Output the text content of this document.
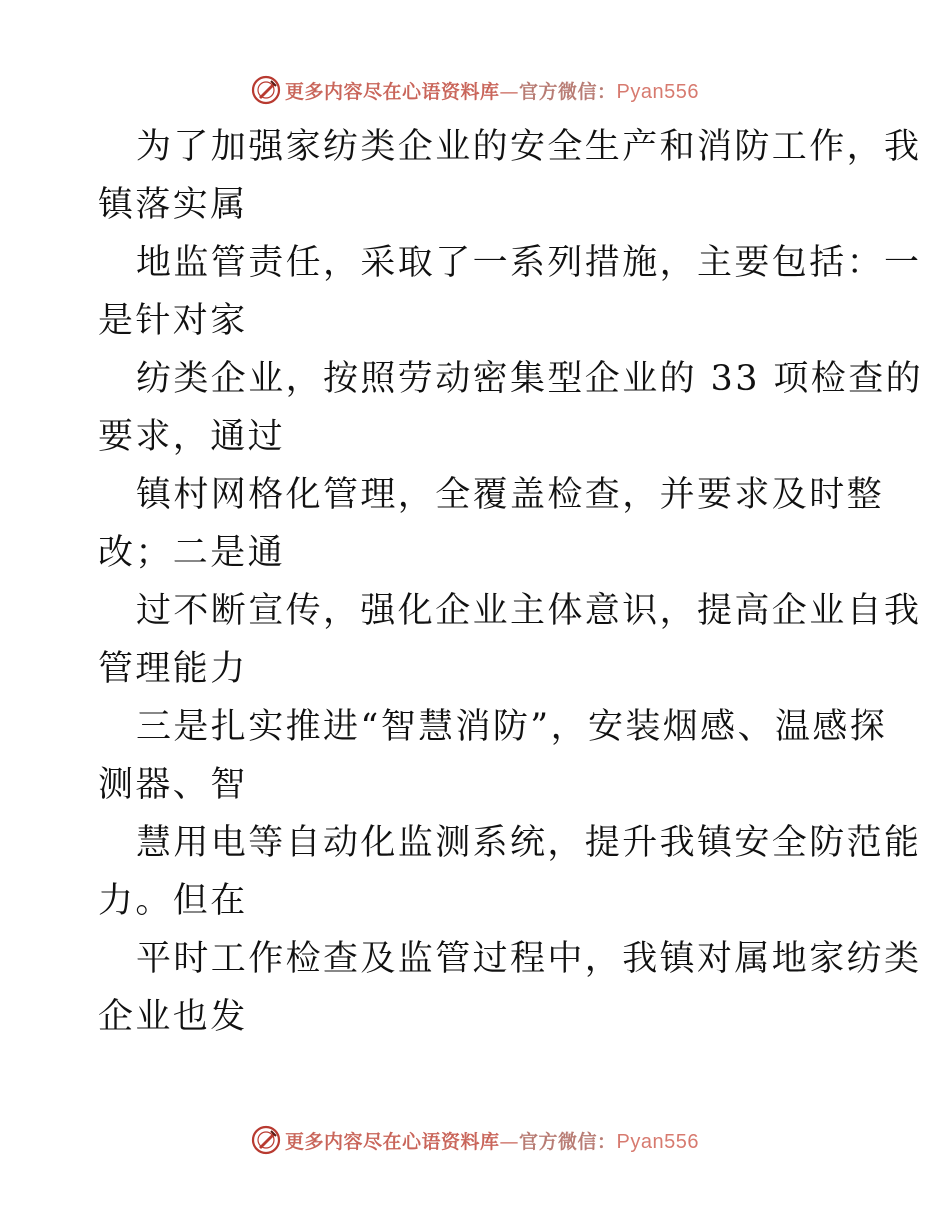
更多内容尽在心语资料库—官方微信：Pyan556
为了加强家纺类企业的安全生产和消防工作，我
镇落实属
地监管责任，采取了一系列措施，主要包括：一
是针对家
纺类企业，按照劳动密集型企业的 33 项检查的
要求，通过
镇村网格化管理，全覆盖检查，并要求及时整
改；二是通
过不断宣传，强化企业主体意识，提高企业自我
管理能力
三是扎实推进“智慧消防”，安装烟感、温感探
测器、智
慧用电等自动化监测系统，提升我镇安全防范能
力。但在
平时工作检查及监管过程中，我镇对属地家纺类
企业也发
更多内容尽在心语资料库—官方微信：Pyan556
